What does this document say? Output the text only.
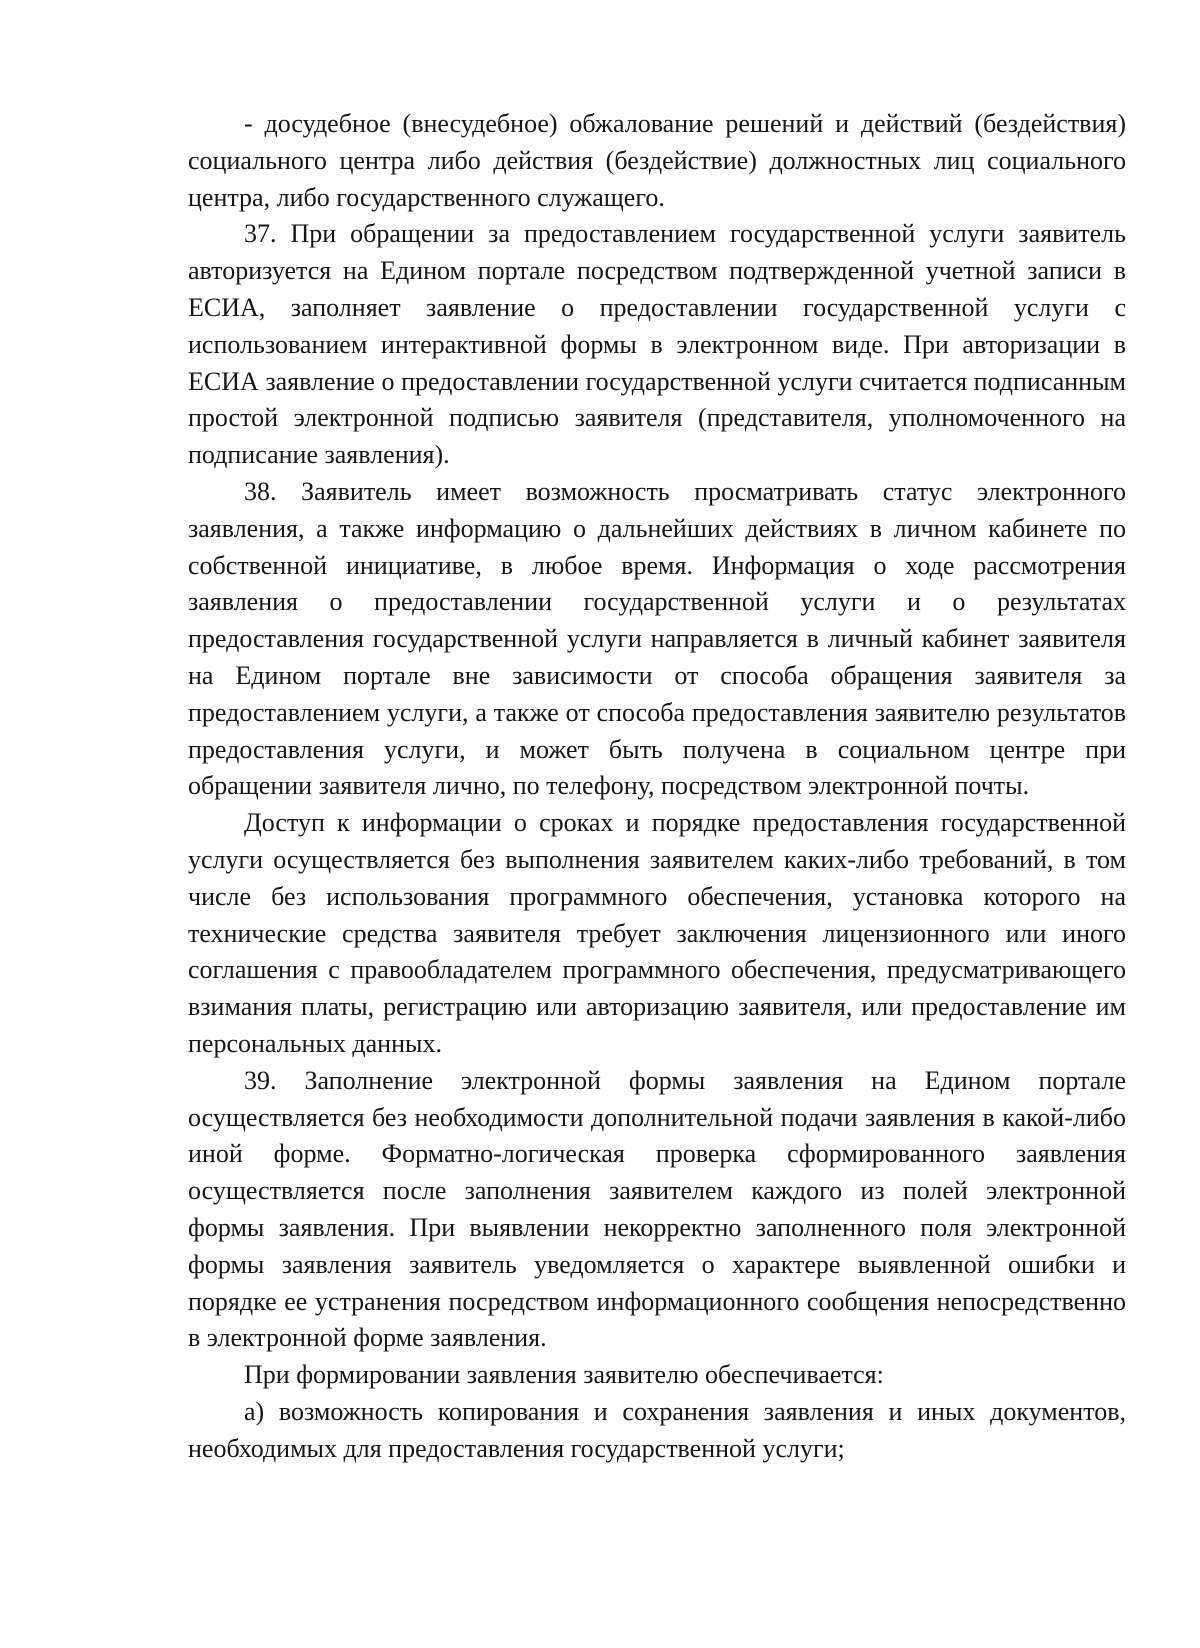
- досудебное (внесудебное) обжалование решений и действий (бездействия) социального центра либо действия (бездействие) должностных лиц социального центра, либо государственного служащего.

37. При обращении за предоставлением государственной услуги заявитель авторизуется на Едином портале посредством подтвержденной учетной записи в ЕСИА, заполняет заявление о предоставлении государственной услуги с использованием интерактивной формы в электронном виде. При авторизации в ЕСИА заявление о предоставлении государственной услуги считается подписанным простой электронной подписью заявителя (представителя, уполномоченного на подписание заявления).

38. Заявитель имеет возможность просматривать статус электронного заявления, а также информацию о дальнейших действиях в личном кабинете по собственной инициативе, в любое время. Информация о ходе рассмотрения заявления о предоставлении государственной услуги и о результатах предоставления государственной услуги направляется в личный кабинет заявителя на Едином портале вне зависимости от способа обращения заявителя за предоставлением услуги, а также от способа предоставления заявителю результатов предоставления услуги, и может быть получена в социальном центре при обращении заявителя лично, по телефону, посредством электронной почты.

Доступ к информации о сроках и порядке предоставления государственной услуги осуществляется без выполнения заявителем каких-либо требований, в том числе без использования программного обеспечения, установка которого на технические средства заявителя требует заключения лицензионного или иного соглашения с правообладателем программного обеспечения, предусматривающего взимания платы, регистрацию или авторизацию заявителя, или предоставление им персональных данных.

39. Заполнение электронной формы заявления на Едином портале осуществляется без необходимости дополнительной подачи заявления в какой-либо иной форме. Форматно-логическая проверка сформированного заявления осуществляется после заполнения заявителем каждого из полей электронной формы заявления. При выявлении некорректно заполненного поля электронной формы заявления заявитель уведомляется о характере выявленной ошибки и порядке ее устранения посредством информационного сообщения непосредственно в электронной форме заявления.

При формировании заявления заявителю обеспечивается:

а) возможность копирования и сохранения заявления и иных документов, необходимых для предоставления государственной услуги;
